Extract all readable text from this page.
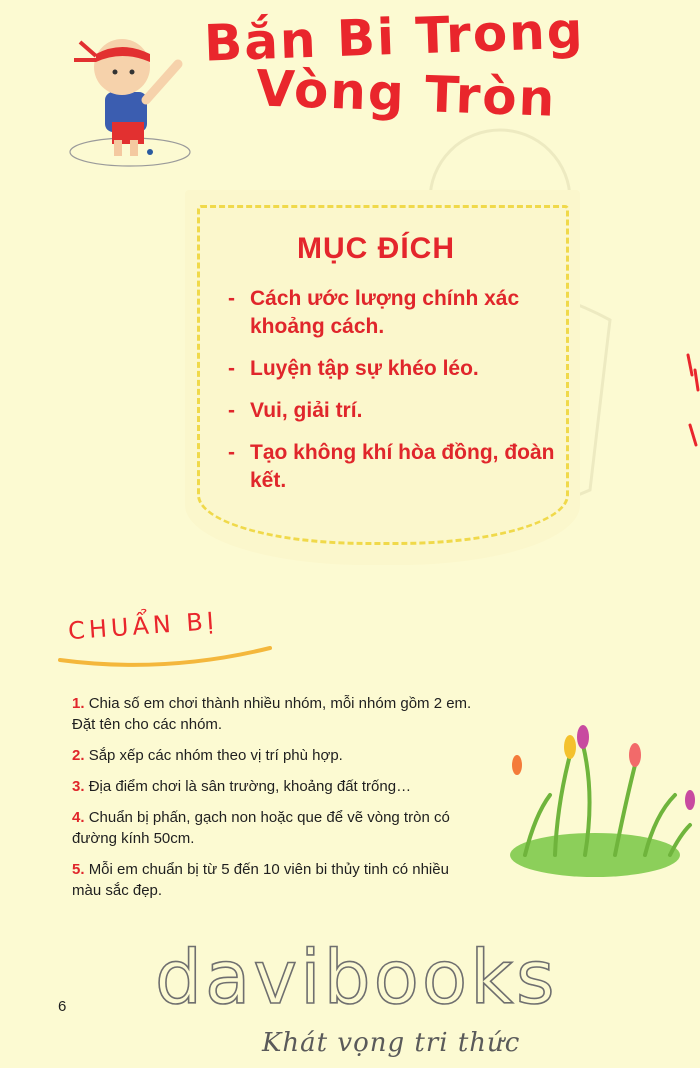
Bắn Bi Trong
Vòng Tròn
MỤC ĐÍCH
-Cách ước lượng chính xác khoảng cách.
-Luyện tập sự khéo léo.
-Vui, giải trí.
-Tạo không khí hòa đồng, đoàn kết.
CHUẨN BỊ
1. Chia số em chơi thành nhiều nhóm, mỗi nhóm gồm 2 em. Đặt tên cho các nhóm.
2. Sắp xếp các nhóm theo vị trí phù hợp.
3. Địa điểm chơi là sân trường, khoảng đất trống…
4. Chuẩn bị phấn, gạch non hoặc que để vẽ vòng tròn có đường kính 50cm.
5. Mỗi em chuẩn bị từ 5 đến 10 viên bi thủy tinh có nhiều màu sắc đẹp.
6 davibooks
Khát vọng tri thức
